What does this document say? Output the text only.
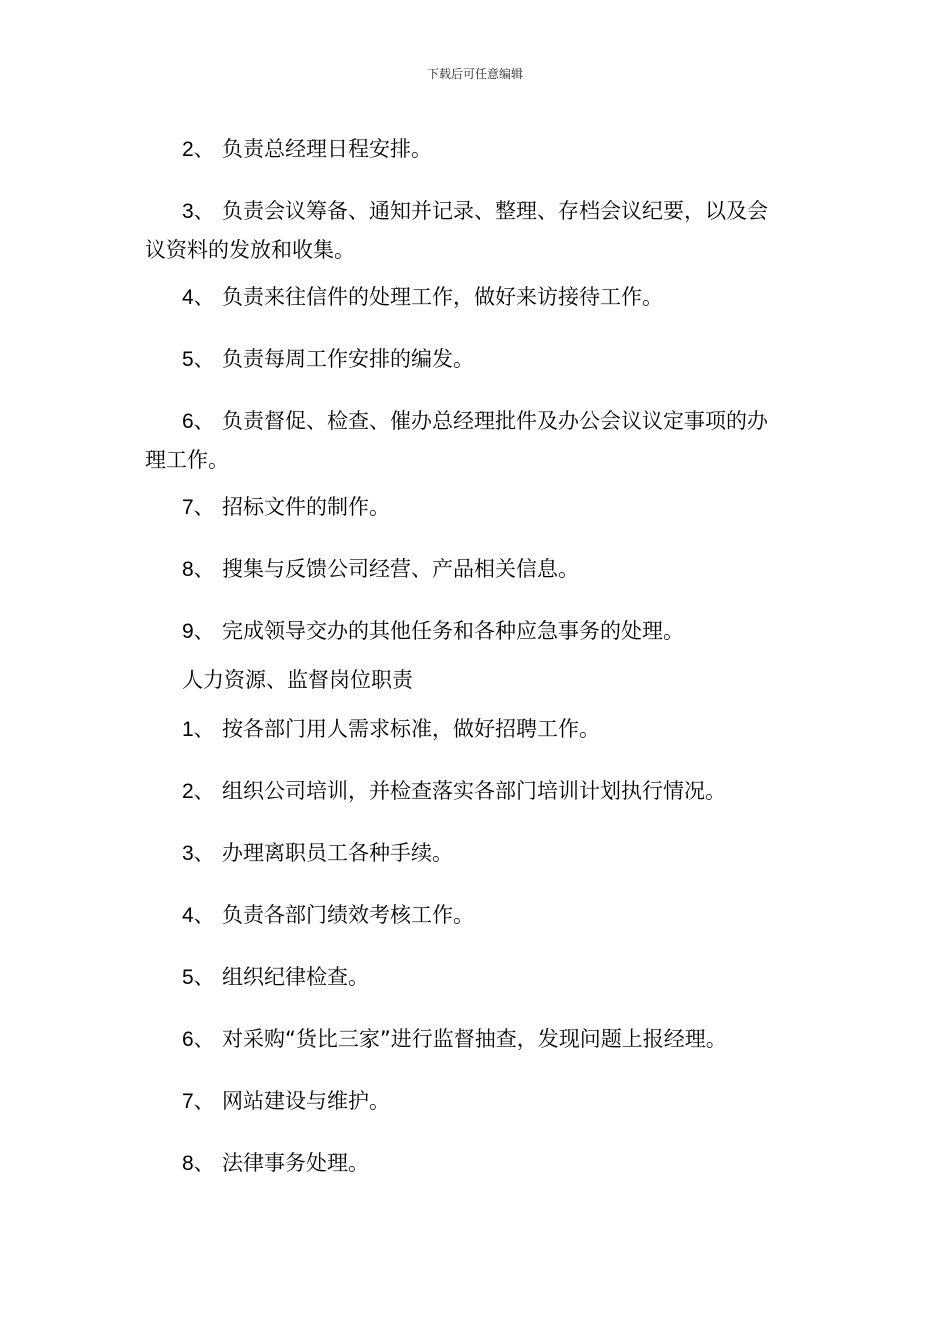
下载后可任意编辑
2、 负责总经理日程安排。
3、 负责会议筹备、通知并记录、整理、存档会议纪要，以及会
议资料的发放和收集。
4、 负责来往信件的处理工作，做好来访接待工作。
5、 负责每周工作安排的编发。
6、 负责督促、检查、催办总经理批件及办公会议议定事项的办
理工作。
7、 招标文件的制作。
8、 搜集与反馈公司经营、产品相关信息。
9、 完成领导交办的其他任务和各种应急事务的处理。
人力资源、监督岗位职责
1、 按各部门用人需求标准，做好招聘工作。
2、 组织公司培训，并检查落实各部门培训计划执行情况。
3、 办理离职员工各种手续。
4、 负责各部门绩效考核工作。
5、 组织纪律检查。
6、 对采购“货比三家”进行监督抽查，发现问题上报经理。
7、 网站建设与维护。
8、 法律事务处理。
